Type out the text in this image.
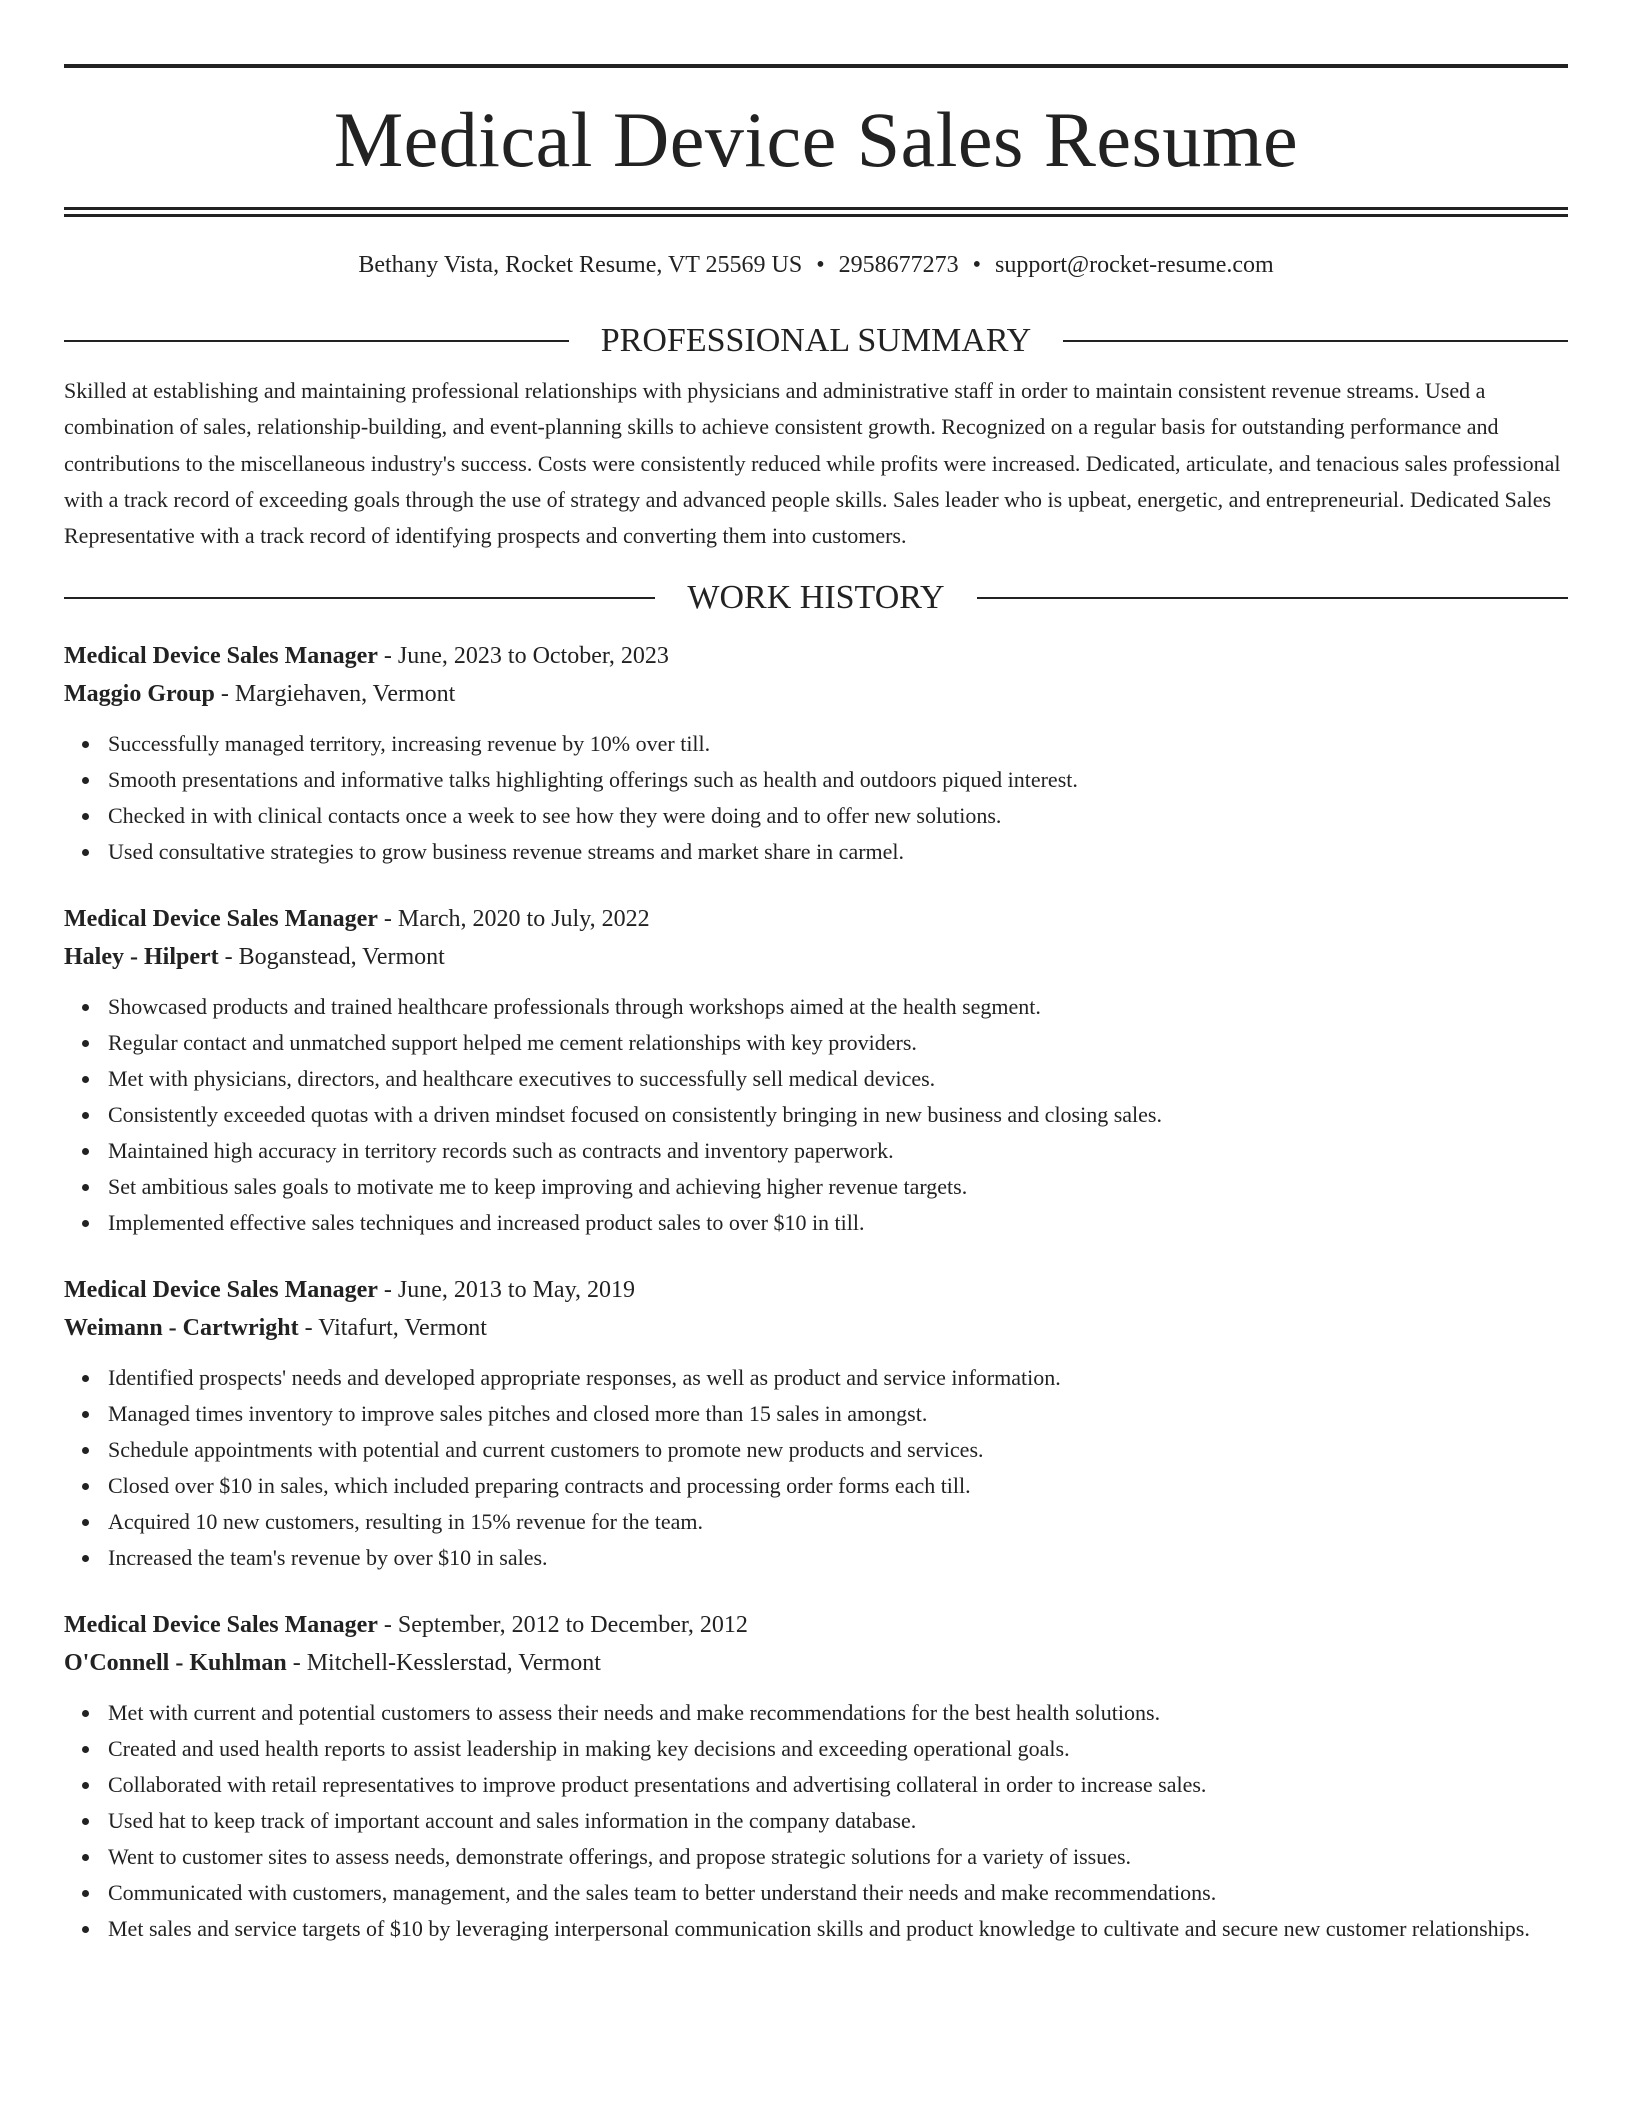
Medical Device Sales Resume
Bethany Vista, Rocket Resume, VT 25569 US • 2958677273 • support@rocket-resume.com
PROFESSIONAL SUMMARY

Skilled at establishing and maintaining professional relationships with physicians and administrative staff in order to maintain consistent revenue streams. Used a combination of sales, relationship-building, and event-planning skills to achieve consistent growth. Recognized on a regular basis for outstanding performance and contributions to the miscellaneous industry's success. Costs were consistently reduced while profits were increased. Dedicated, articulate, and tenacious sales professional with a track record of exceeding goals through the use of strategy and advanced people skills. Sales leader who is upbeat, energetic, and entrepreneurial. Dedicated Sales Representative with a track record of identifying prospects and converting them into customers.

WORK HISTORY
Medical Device Sales Manager - June, 2023 to October, 2023
Maggio Group - Margiehaven, Vermont
Successfully managed territory, increasing revenue by 10% over till.
Smooth presentations and informative talks highlighting offerings such as health and outdoors piqued interest.
Checked in with clinical contacts once a week to see how they were doing and to offer new solutions.
Used consultative strategies to grow business revenue streams and market share in carmel.
Medical Device Sales Manager - March, 2020 to July, 2022
Haley - Hilpert - Boganstead, Vermont
Showcased products and trained healthcare professionals through workshops aimed at the health segment.
Regular contact and unmatched support helped me cement relationships with key providers.
Met with physicians, directors, and healthcare executives to successfully sell medical devices.
Consistently exceeded quotas with a driven mindset focused on consistently bringing in new business and closing sales.
Maintained high accuracy in territory records such as contracts and inventory paperwork.
Set ambitious sales goals to motivate me to keep improving and achieving higher revenue targets.
Implemented effective sales techniques and increased product sales to over $10 in till.
Medical Device Sales Manager - June, 2013 to May, 2019
Weimann - Cartwright - Vitafurt, Vermont
Identified prospects' needs and developed appropriate responses, as well as product and service information.
Managed times inventory to improve sales pitches and closed more than 15 sales in amongst.
Schedule appointments with potential and current customers to promote new products and services.
Closed over $10 in sales, which included preparing contracts and processing order forms each till.
Acquired 10 new customers, resulting in 15% revenue for the team.
Increased the team's revenue by over $10 in sales.
Medical Device Sales Manager - September, 2012 to December, 2012
O'Connell - Kuhlman - Mitchell-Kesslerstad, Vermont
Met with current and potential customers to assess their needs and make recommendations for the best health solutions.
Created and used health reports to assist leadership in making key decisions and exceeding operational goals.
Collaborated with retail representatives to improve product presentations and advertising collateral in order to increase sales.
Used hat to keep track of important account and sales information in the company database.
Went to customer sites to assess needs, demonstrate offerings, and propose strategic solutions for a variety of issues.
Communicated with customers, management, and the sales team to better understand their needs and make recommendations.
Met sales and service targets of $10 by leveraging interpersonal communication skills and product knowledge to cultivate and secure new customer relationships.
